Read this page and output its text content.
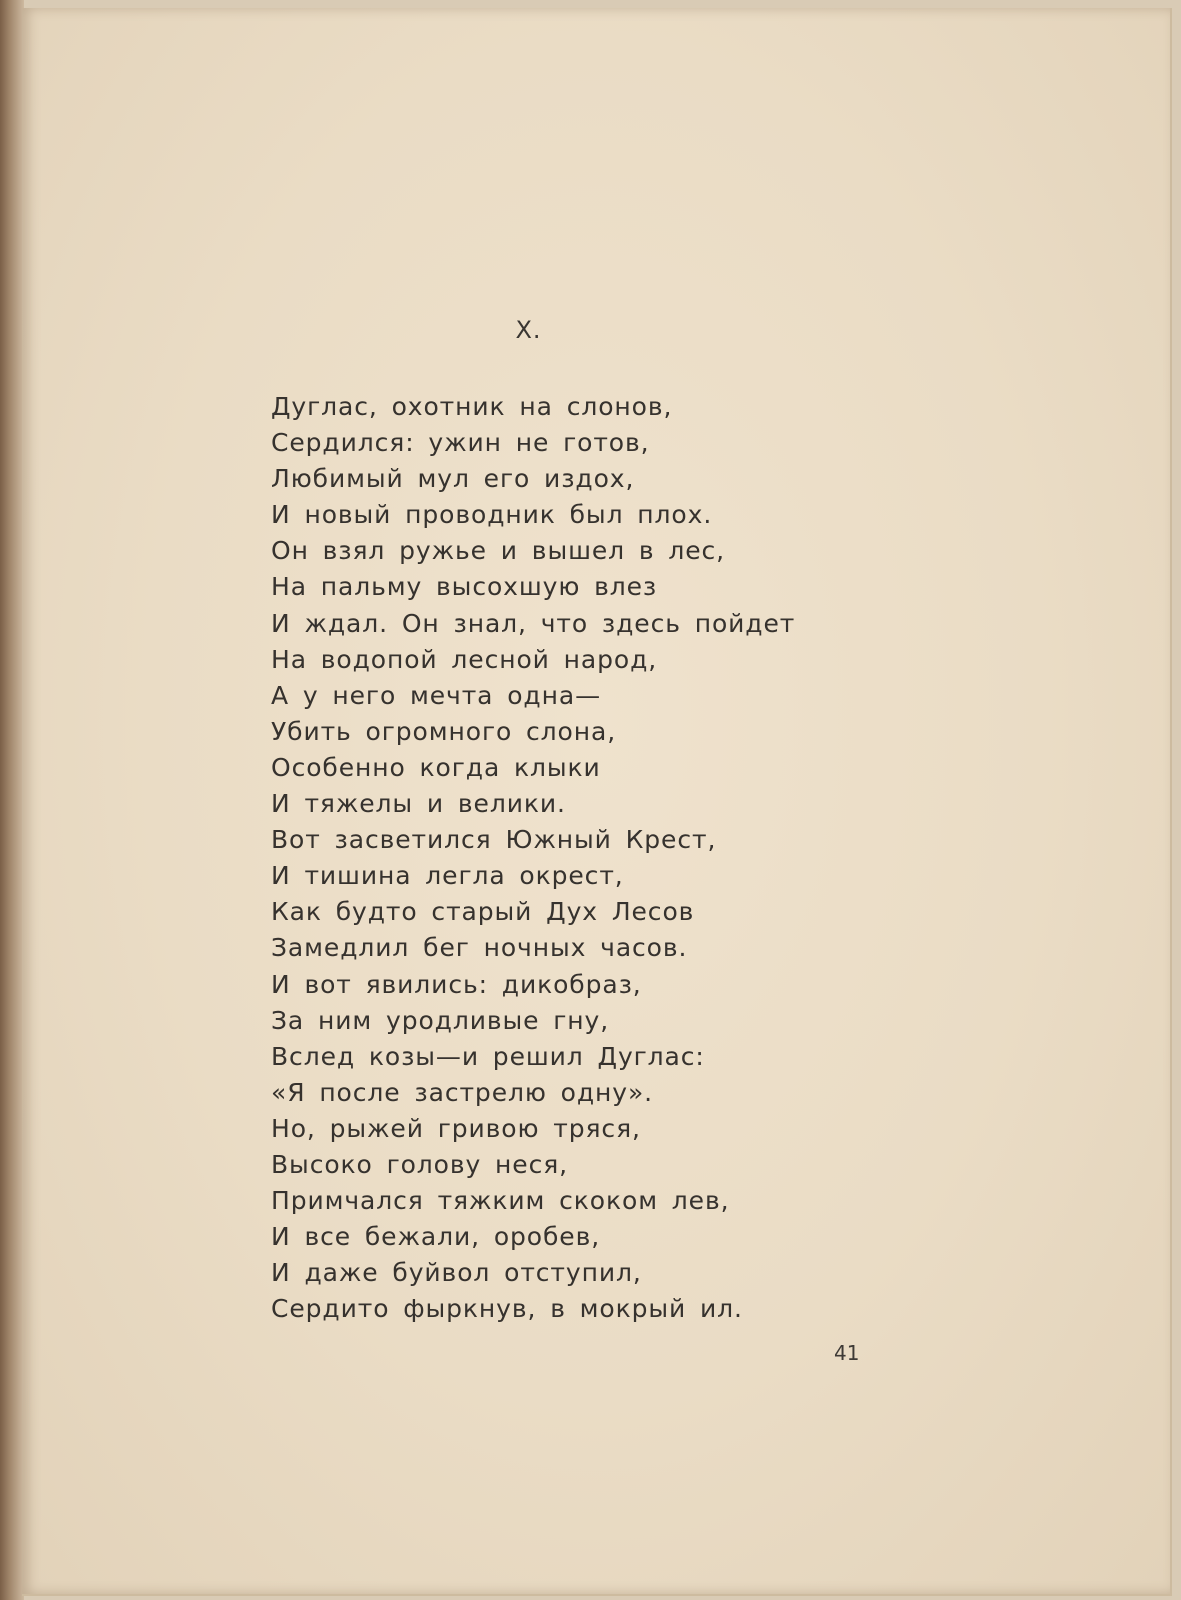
X.
Дуглас, охотник на слонов,
Сердился: ужин не готов,
Любимый мул его издох,
И новый проводник был плох.
Он взял ружье и вышел в лес,
На пальму высохшую влез
И ждал. Он знал, что здесь пойдет
На водопой лесной народ,
А у него мечта одна—
Убить огромного слона,
Особенно когда клыки
И тяжелы и велики.
Вот засветился Южный Крест,
И тишина легла окрест,
Как будто старый Дух Лесов
Замедлил бег ночных часов.
И вот явились: дикобраз,
За ним уродливые гну,
Вслед козы—и решил Дуглас:
«Я после застрелю одну».
Но, рыжей гривою тряся,
Высоко голову неся,
Примчался тяжким скоком лев,
И все бежали, оробев,
И даже буйвол отступил,
Сердито фыркнув, в мокрый ил.
41
